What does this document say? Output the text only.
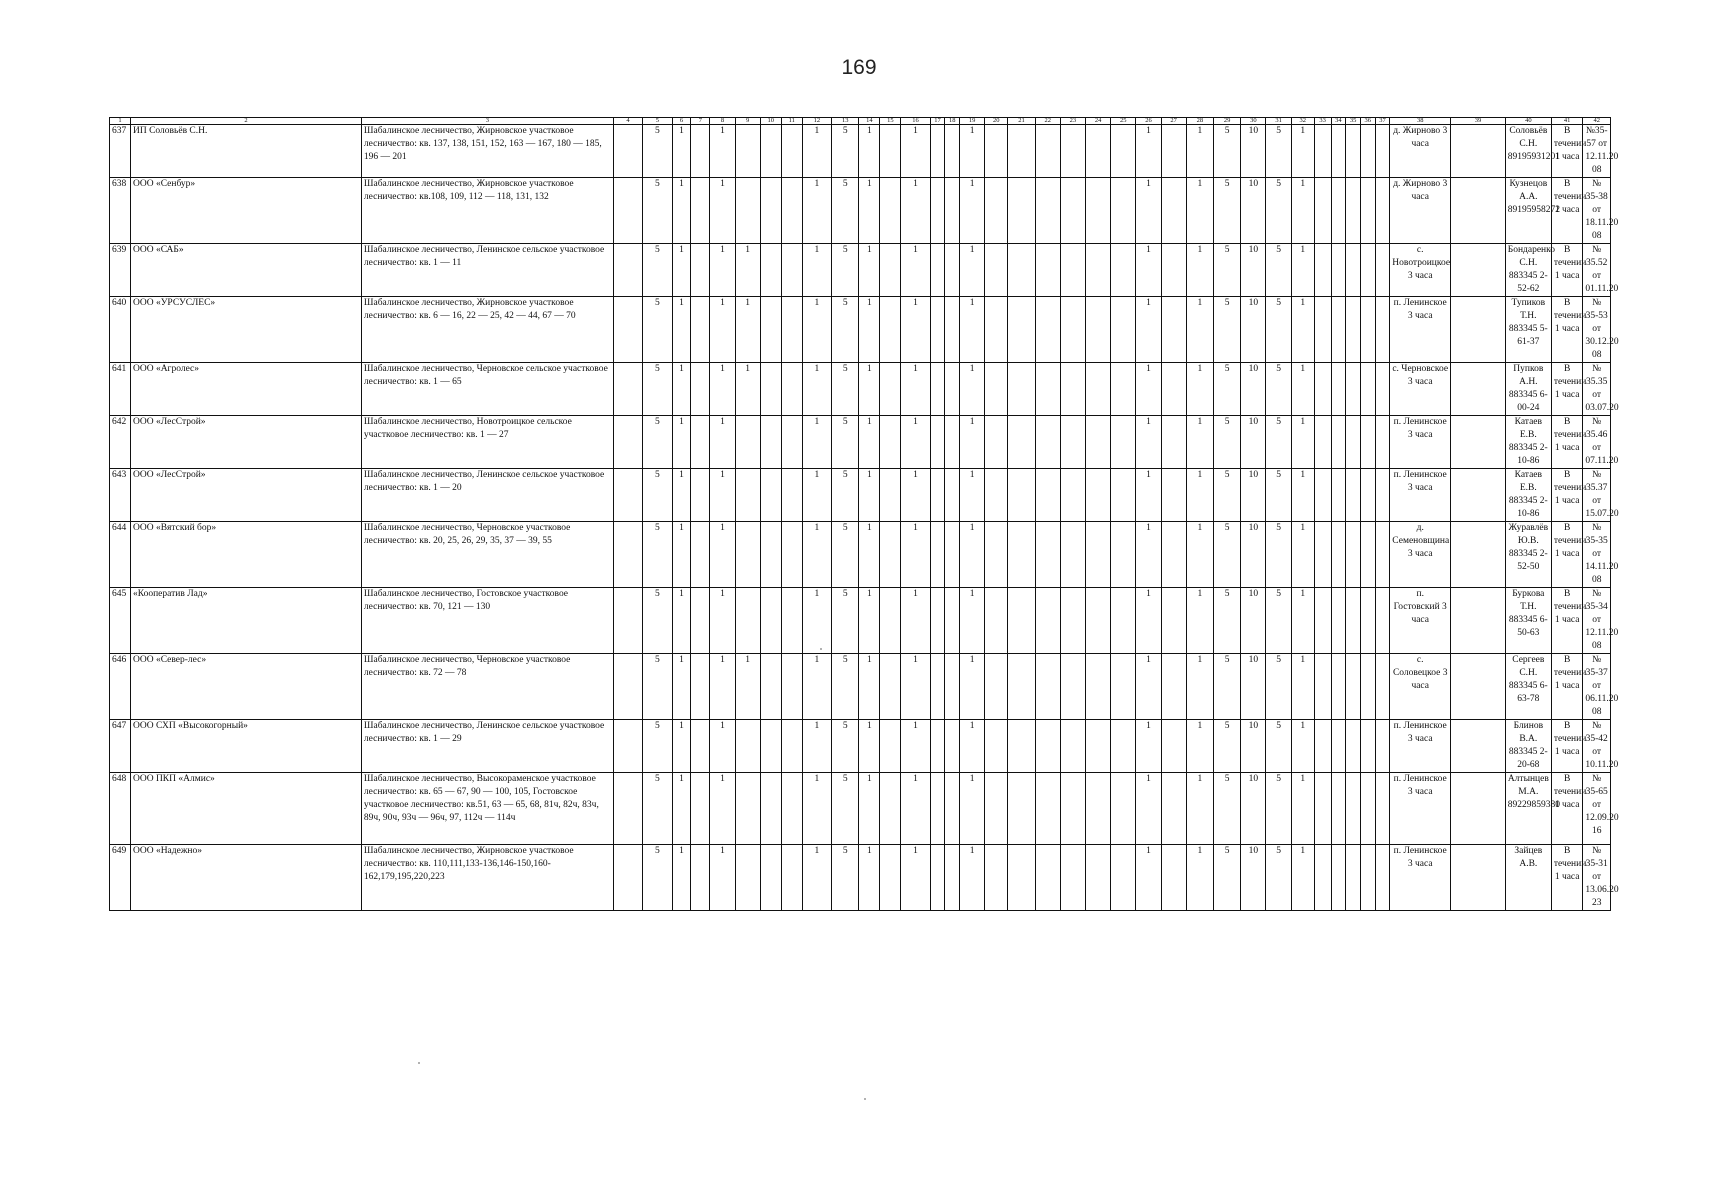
169
1	2	3	4	5	6	7	8	9	10	11	12	13	14	15	16	17	18	19	20	21	22	23	24	25	26	27	28	29	30	31	32	33	34	35	36	37	38	39	40	41	42
637	ИП Соловьёв С.Н.	Шабалинское лесничество, Жирновское участковое лесничество: кв. 137, 138, 151, 152, 163 — 167, 180 — 185, 196 — 201		5	1		1				1	5	1		1			1							1		1	5	10	5	1						д. Жирново 3 часа		Соловьёв С.Н. 89195931201	В течении 1 часа	№35-57 от 12.11.20 08
638	ООО «Сенбур»	Шабалинское лесничество, Жирновское участковое лесничество: кв.108, 109, 112 — 118, 131, 132		5	1		1				1	5	1		1			1							1		1	5	10	5	1						д. Жирново 3 часа		Кузнецов А.А. 89195958272	В течении 1 часа	№ 35-38 от 18.11.20 08
639	ООО «САБ»	Шабалинское лесничество, Ленинское сельское участковое лесничество: кв. 1 — 11		5	1		1	1			1	5	1		1			1							1		1	5	10	5	1						с. Новотроицкое 3 часа		Бондаренко С.Н. 883345 2-52-62	В течении 1 часа	№ 35.52 от 01.11.20
640	ООО «УРСУСЛЕС»	Шабалинское лесничество, Жирновское участковое лесничество: кв. 6 — 16, 22 — 25, 42 — 44, 67 — 70		5	1		1	1			1	5	1		1			1							1		1	5	10	5	1						п. Ленинское 3 часа		Тупиков Т.Н. 883345 5-61-37	В течении 1 часа	№ 35-53 от 30.12.20 08
641	ООО «Агролес»	Шабалинское лесничество, Черновское сельское участковое лесничество: кв. 1 — 65		5	1		1	1			1	5	1		1			1							1		1	5	10	5	1						с. Черновское 3 часа		Пупков А.Н. 883345 6-00-24	В течении 1 часа	№ 35.35 от 03.07.20
642	ООО «ЛесСтрой»	Шабалинское лесничество, Новотроицкое сельское участковое лесничество: кв. 1 — 27		5	1		1				1	5	1		1			1							1		1	5	10	5	1						п. Ленинское 3 часа		Катаев Е.В. 883345 2-10-86	В течении 1 часа	№ 35.46 от 07.11.20
643	ООО «ЛесСтрой»	Шабалинское лесничество, Ленинское сельское участковое лесничество: кв. 1 — 20		5	1		1				1	5	1		1			1							1		1	5	10	5	1						п. Ленинское 3 часа		Катаев Е.В. 883345 2-10-86	В течении 1 часа	№ 35.37 от 15.07.20
644	ООО «Вятский бор»	Шабалинское лесничество, Черновское участковое лесничество: кв. 20, 25, 26, 29, 35, 37 — 39, 55		5	1		1				1	5	1		1			1							1		1	5	10	5	1						д. Семеновщина 3 часа		Журавлёв Ю.В. 883345 2-52-50	В течении 1 часа	№ 35-35 от 14.11.20 08
645	«Кооператив Лад»	Шабалинское лесничество, Гостовское участковое лесничество: кв. 70, 121 — 130		5	1		1				1	5	1		1			1							1		1	5	10	5	1						п. Гостовский 3 часа		Буркова Т.Н. 883345 6-50-63	В течении 1 часа	№ 35-34 от 12.11.20 08
646	ООО «Север-лес»	Шабалинское лесничество, Черновское участковое лесничество: кв. 72 — 78		5	1		1	1			1	5	1		1			1							1		1	5	10	5	1						с. Соловецкое 3 часа		Сергеев С.Н. 883345 6-63-78	В течении 1 часа	№ 35-37 от 06.11.20 08
647	ООО СХП «Высокогорный»	Шабалинское лесничество, Ленинское сельское участковое лесничество: кв. 1 — 29		5	1		1				1	5	1		1			1							1		1	5	10	5	1						п. Ленинское 3 часа		Блинов В.А. 883345 2-20-68	В течении 1 часа	№ 35-42 от 10.11.20
648	ООО ПКП «Алмис»	Шабалинское лесничество, Высокораменское участковое лесничество: кв. 65 — 67, 90 — 100, 105, Гостовское участковое лесничество: кв.51, 63 — 65, 68, 81ч, 82ч, 83ч, 89ч, 90ч, 93ч — 96ч, 97, 112ч — 114ч		5	1		1				1	5	1		1			1							1		1	5	10	5	1						п. Ленинское 3 часа		Алтынцев М.А. 89229859380	В течении 1 часа	№ 35-65 от 12.09.20 16
649	ООО «Надежно»	Шабалинское лесничество, Жирновское участковое лесничество: кв. 110,111,133-136,146-150,160-162,179,195,220,223		5	1		1				1	5	1		1			1							1		1	5	10	5	1						п. Ленинское 3 часа		Зайцев А.В.	В течении 1 часа	№ 35-31 от 13.06.20 23
